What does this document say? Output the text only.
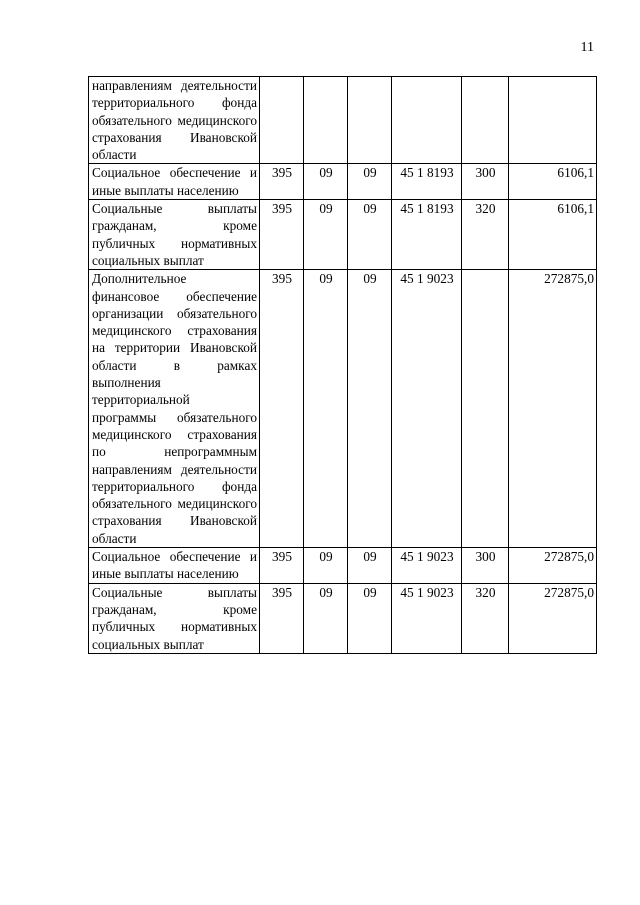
11
направлениям деятельности территориального фонда обязательного медицинского страхования Ивановской области						
Социальное обеспечение и иные выплаты населению	395	09	09	45 1 8193	300	6106,1
Социальные выплаты гражданам, кроме публичных нормативных социальных выплат	395	09	09	45 1 8193	320	6106,1
Дополнительное финансовое обеспечение организации обязательного медицинского страхования на территории Ивановской области в рамках выполнения территориальной программы обязательного медицинского страхования по непрограммным направлениям деятельности территориального фонда обязательного медицинского страхования Ивановской области	395	09	09	45 1 9023		272875,0
Социальное обеспечение и иные выплаты населению	395	09	09	45 1 9023	300	272875,0
Социальные выплаты гражданам, кроме публичных нормативных социальных выплат	395	09	09	45 1 9023	320	272875,0
